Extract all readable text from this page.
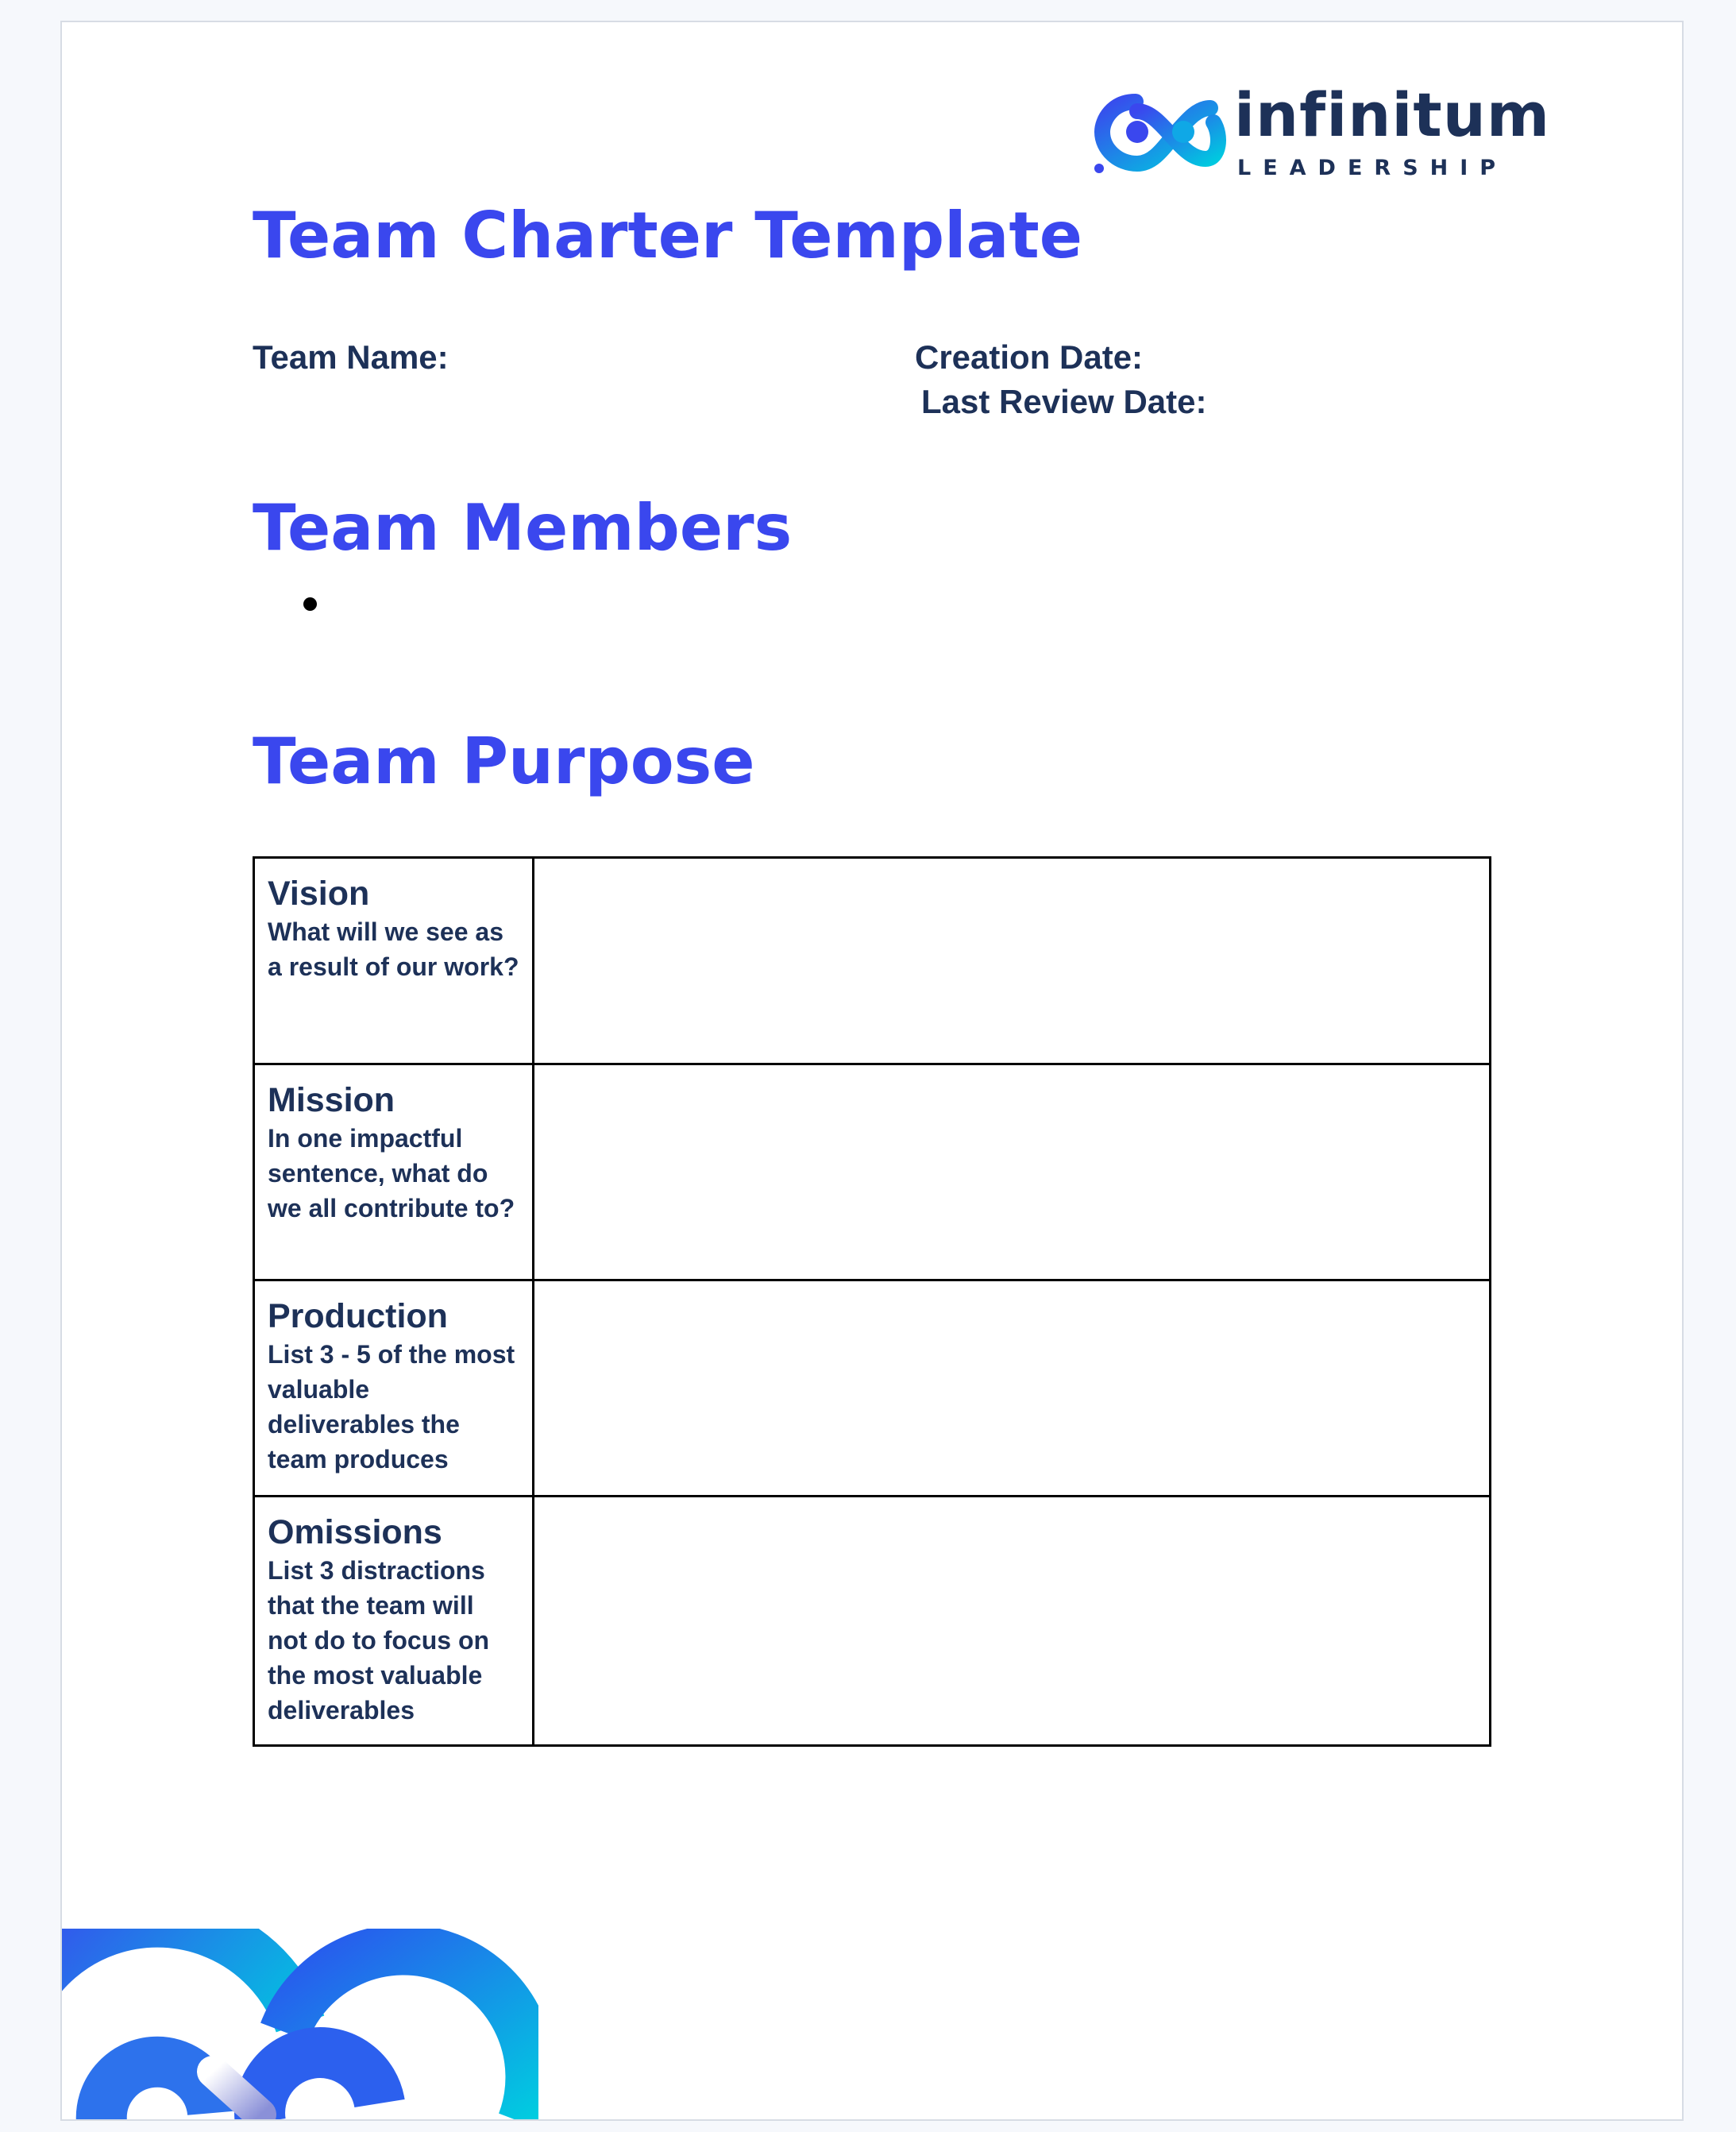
infinitum
LEADERSHIP
Team Charter Template
Team Name:	Creation Date:
Last Review Date:
Team Members
Team Purpose

Vision

What will we see as a result of our work?	

Mission

In one impactful sentence, what do we all contribute to?	

Production

List 3 - 5 of the most valuable deliverables the team produces	

Omissions

List 3 distractions that the team will not do to focus on the most valuable deliverables	
